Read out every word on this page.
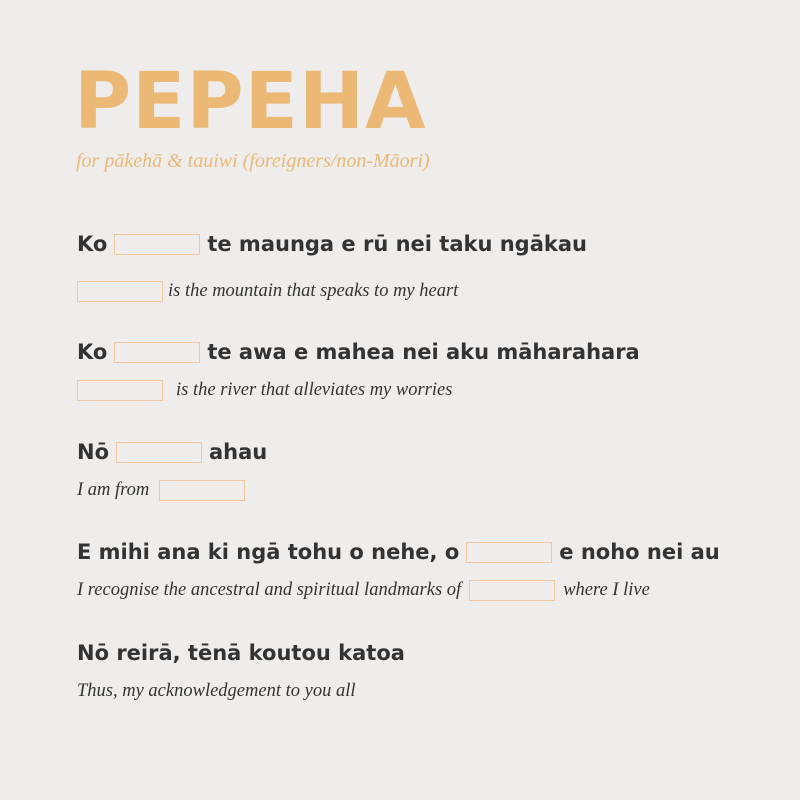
PEPEHA
for pākehā & tauiwi (foreigners/non-Māori)
Ko	te maunga e rū nei taku ngākau
is the mountain that speaks to my heart
Ko	te awa e mahea nei aku māharahara
is the river that alleviates my worries
Nō	ahau
I am from
E mihi ana ki ngā tohu o nehe, o	e noho nei au
I recognise the ancestral and spiritual landmarks of	where I live
Nō reirā, tēnā koutou katoa
Thus, my acknowledgement to you all
